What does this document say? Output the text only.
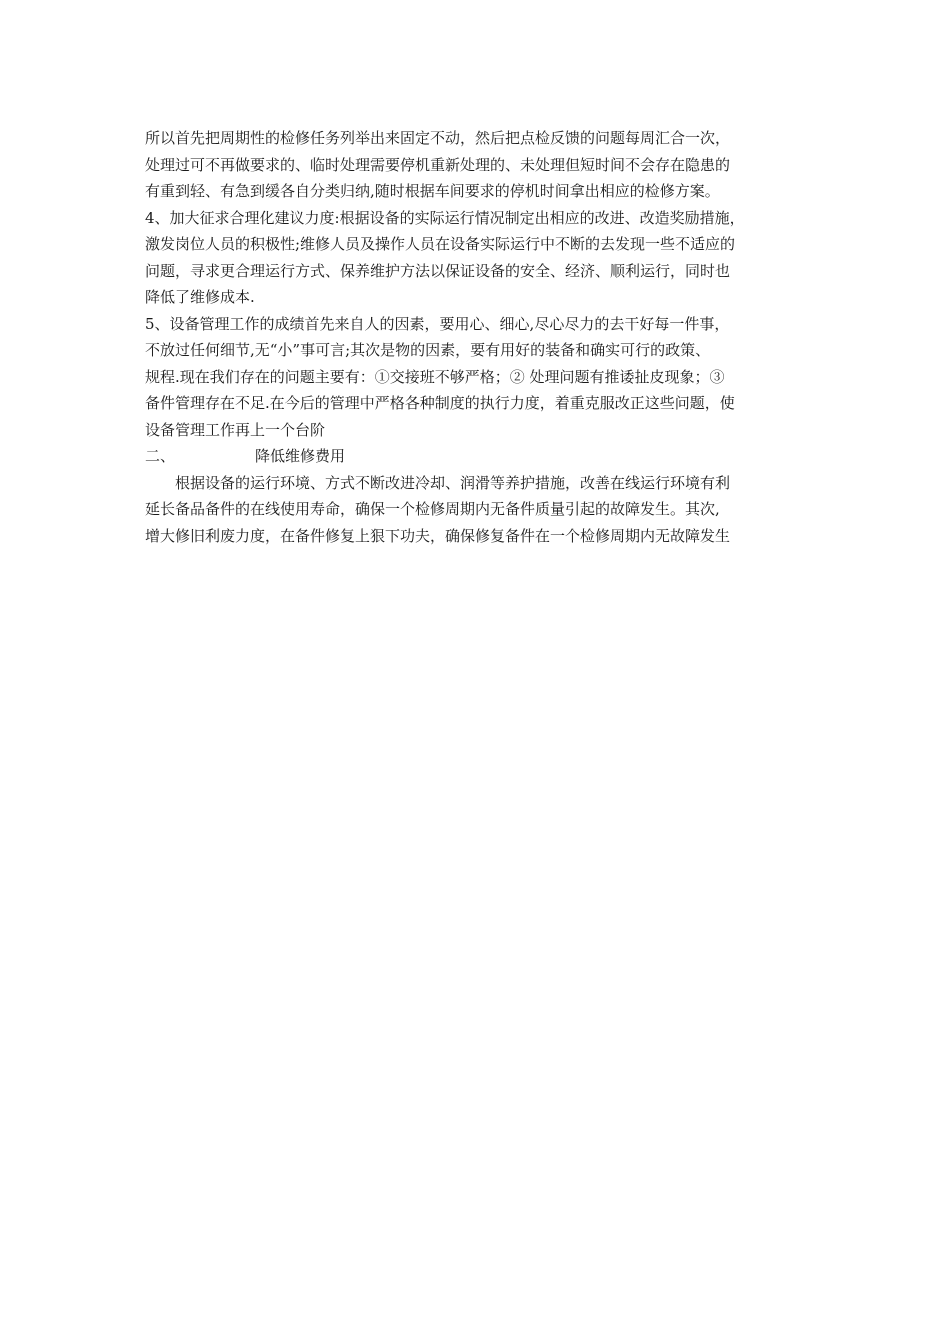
所以首先把周期性的检修任务列举出来固定不动，然后把点检反馈的问题每周汇合一次，
处理过可不再做要求的、临时处理需要停机重新处理的、未处理但短时间不会存在隐患的
有重到轻、有急到缓各自分类归纳,随时根据车间要求的停机时间拿出相应的检修方案。
4、加大征求合理化建议力度:根据设备的实际运行情况制定出相应的改进、改造奖励措施，
激发岗位人员的积极性;维修人员及操作人员在设备实际运行中不断的去发现一些不适应的
问题，寻求更合理运行方式、保养维护方法以保证设备的安全、经济、顺利运行，同时也
降低了维修成本.
5、设备管理工作的成绩首先来自人的因素，要用心、细心,尽心尽力的去干好每一件事，
不放过任何细节,无“小”事可言;其次是物的因素，要有用好的装备和确实可行的政策、
规程.现在我们存在的问题主要有：①交接班不够严格；② 处理问题有推诿扯皮现象；③
备件管理存在不足.在今后的管理中严格各种制度的执行力度，着重克服改正这些问题，使
设备管理工作再上一个台阶
二、	降低维修费用
根据设备的运行环境、方式不断改进冷却、润滑等养护措施，改善在线运行环境有利
延长备品备件的在线使用寿命，确保一个检修周期内无备件质量引起的故障发生。其次,
增大修旧利废力度，在备件修复上狠下功夫，确保修复备件在一个检修周期内无故障发生
